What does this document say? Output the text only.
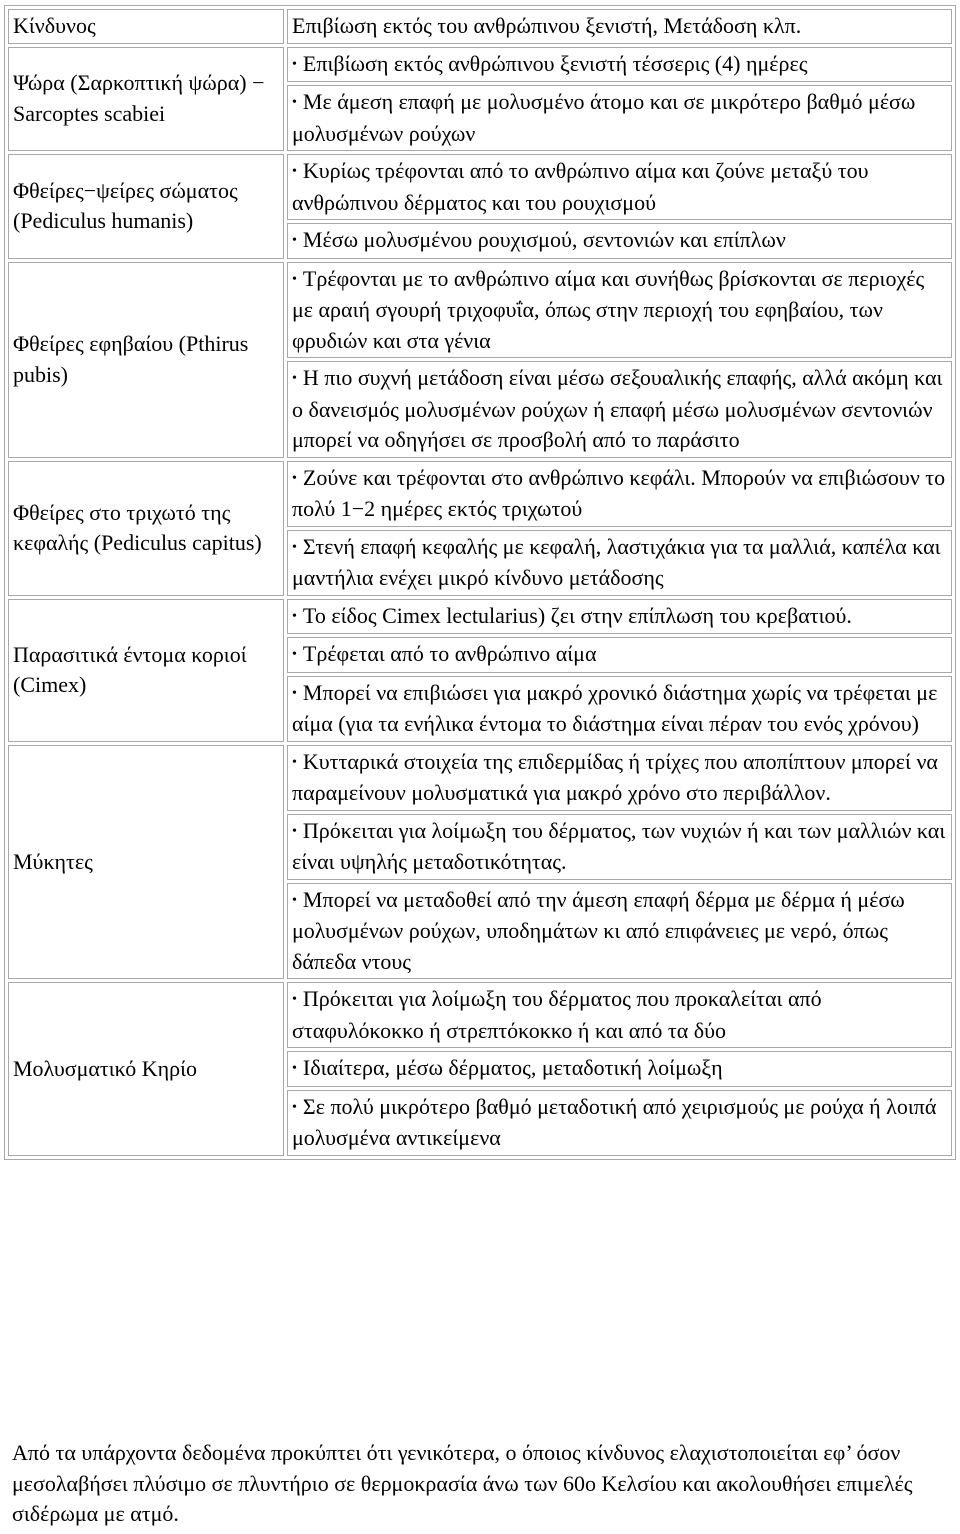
Κίνδυνος	Επιβίωση εκτός του ανθρώπινου ξενιστή, Μετάδοση κλπ.
Ψώρα (Σαρκοπτική ψώρα) − Sarcoptes scabiei	• Επιβίωση εκτός ανθρώπινου ξενιστή τέσσερις (4) ημέρες
• Με άμεση επαφή με μολυσμένο άτομο και σε μικρότερο βαθμό μέσω μολυσμένων ρούχων

Φθείρες−ψείρες σώματος (Pediculus humanis)	• Κυρίως τρέφονται από το ανθρώπινο αίμα και ζούνε μεταξύ του ανθρώπινου δέρματος και του ρουχισμού
• Μέσω μολυσμένου ρουχισμού, σεντονιών και επίπλων

Φθείρες εφηβαίου (Pthirus pubis)	• Τρέφονται με το ανθρώπινο αίμα και συνήθως βρίσκονται σε περιοχές με αραιή σγουρή τριχοφυΐα, όπως στην περιοχή του εφηβαίου, των φρυδιών και στα γένια
• Η πιο συχνή μετάδοση είναι μέσω σεξουαλικής επαφής, αλλά ακόμη και ο δανεισμός μολυσμένων ρούχων ή επαφή μέσω μολυσμένων σεντονιών μπορεί να οδηγήσει σε προσβολή από το παράσιτο

Φθείρες στο τριχωτό της κεφαλής (Pediculus capitus)	• Ζούνε και τρέφονται στο ανθρώπινο κεφάλι. Μπορούν να επιβιώσουν το πολύ 1−2 ημέρες εκτός τριχωτού
• Στενή επαφή κεφαλής με κεφαλή, λαστιχάκια για τα μαλλιά, καπέλα και μαντήλια ενέχει μικρό κίνδυνο μετάδοσης

Παρασιτικά έντομα κοριοί (Cimex)	• Το είδος Cimex lectularius) ζει στην επίπλωση του κρεβατιού.
• Τρέφεται από το ανθρώπινο αίμα
• Μπορεί να επιβιώσει για μακρό χρονικό διάστημα χωρίς να τρέφεται με αίμα (για τα ενήλικα έντομα το διάστημα είναι πέραν του ενός χρόνου)

Μύκητες	• Κυτταρικά στοιχεία της επιδερμίδας ή τρίχες που αποπίπτουν μπορεί να παραμείνουν μολυσματικά για μακρό χρόνο στο περιβάλλον.
• Πρόκειται για λοίμωξη του δέρματος, των νυχιών ή και των μαλλιών και είναι υψηλής μεταδοτικότητας.
• Μπορεί να μεταδοθεί από την άμεση επαφή δέρμα με δέρμα ή μέσω μολυσμένων ρούχων, υποδημάτων κι από επιφάνειες με νερό, όπως δάπεδα ντους

Μολυσματικό Κηρίο	• Πρόκειται για λοίμωξη του δέρματος που προκαλείται από σταφυλόκοκκο ή στρεπτόκοκκο ή και από τα δύο
• Ιδιαίτερα, μέσω δέρματος, μεταδοτική λοίμωξη
• Σε πολύ μικρότερο βαθμό μεταδοτική από χειρισμούς με ρούχα ή λοιπά μολυσμένα αντικείμενα
Από τα υπάρχοντα δεδομένα προκύπτει ότι γενικότερα, ο όποιος κίνδυνος ελαχιστοποιείται εφ’ όσον μεσολαβήσει πλύσιμο σε πλυντήριο σε θερμοκρασία άνω των 60ο Κελσίου και ακολουθήσει επιμελές σιδέρωμα με ατμό.
